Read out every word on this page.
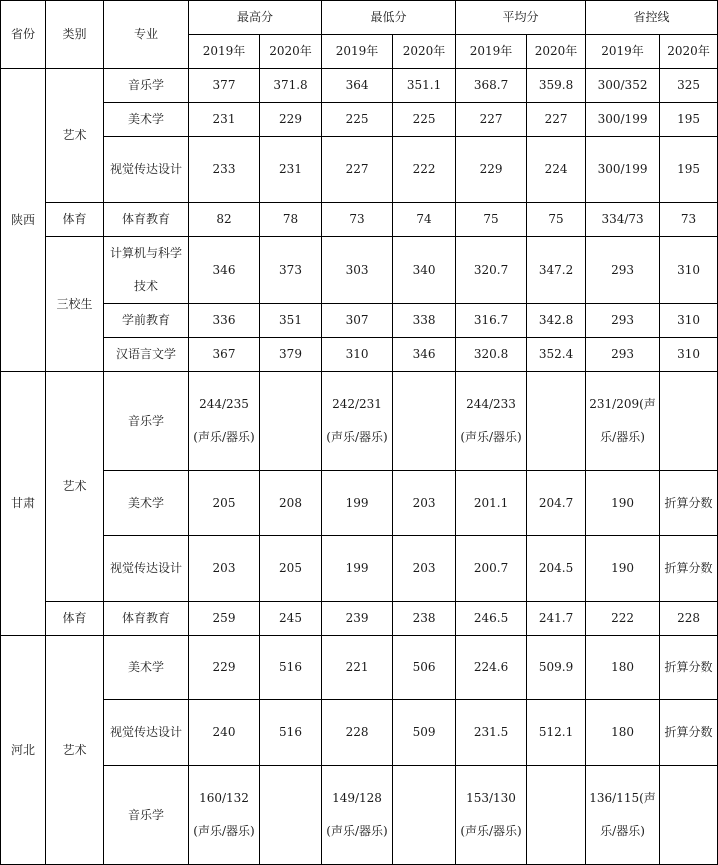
省份	类别	专业	最高分		最低分		平均分		省控线	
			2019年	2020年	2019年	2020年	2019年	2020年	2019年	2020年
陕西	艺术	音乐学	377	371.8	364	351.1	368.7	359.8	300/352	325
		美术学	231	229	225	225	227	227	300/199	195
		视觉传达设计	233	231	227	222	229	224	300/199	195
	体育	体育教育	82	78	73	74	75	75	334/73	73
	三校生	计算机与科学技术	346	373	303	340	320.7	347.2	293	310
		学前教育	336	351	307	338	316.7	342.8	293	310
		汉语言文学	367	379	310	346	320.8	352.4	293	310
甘肃	艺术	音乐学	244/235(声乐/器乐)		242/231(声乐/器乐)		244/233(声乐/器乐)		231/209(声乐/器乐)	
		美术学	205	208	199	203	201.1	204.7	190	折算分数
		视觉传达设计	203	205	199	203	200.7	204.5	190	折算分数
	体育	体育教育	259	245	239	238	246.5	241.7	222	228
河北	艺术	美术学	229	516	221	506	224.6	509.9	180	折算分数
		视觉传达设计	240	516	228	509	231.5	512.1	180	折算分数
		音乐学	160/132(声乐/器乐)		149/128(声乐/器乐)		153/130(声乐/器乐)		136/115(声乐/器乐)	
